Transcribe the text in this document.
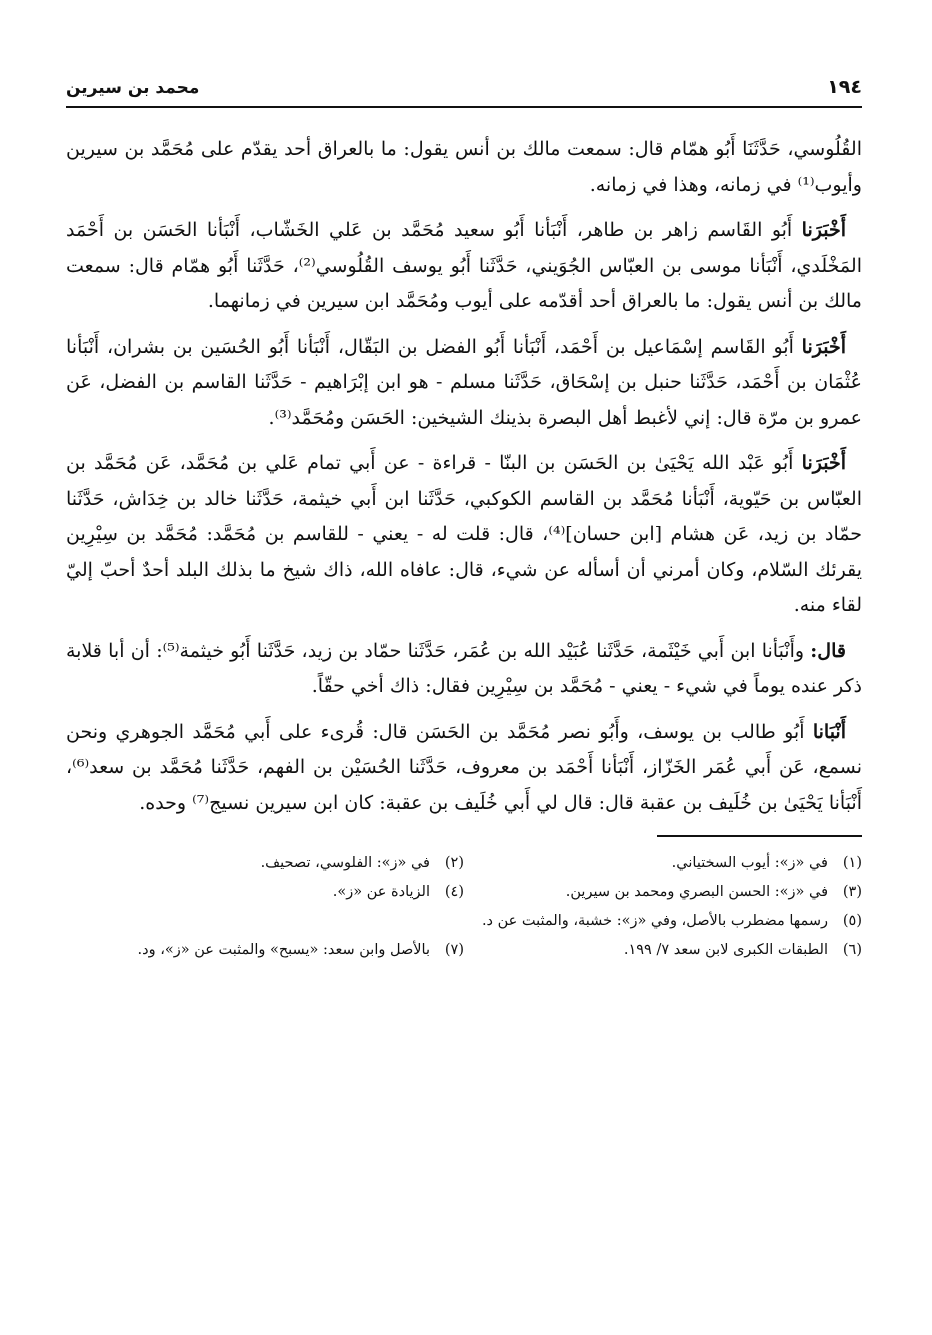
١٩٤
محمد بن سيرين

القُلُوسي، حَدَّثَنَا أَبُو همّام قال: سمعت مالك بن أنس يقول: ما بالعراق أحد يقدّم على مُحَمَّد بن سيرين وأيوب⁽¹⁾ في زمانه، وهذا في زمانه.

أَخْبَرَنا أَبُو القَاسم زاهر بن طاهر، أَنْبَأنا أَبُو سعيد مُحَمَّد بن عَلي الخَشّاب، أَنْبَأنا الحَسَن بن أَحْمَد المَخْلَدي، أَنْبَأنا موسى بن العبّاس الجُوَيني، حَدَّثَنا أَبُو يوسف القُلُوسي⁽²⁾، حَدَّثَنا أَبُو همّام قال: سمعت مالك بن أنس يقول: ما بالعراق أحد أقدّمه على أيوب ومُحَمَّد ابن سيرين في زمانهما.

أَخْبَرَنا أَبُو القَاسم إسْمَاعيل بن أَحْمَد، أَنْبَأنا أَبُو الفضل بن البَقّال، أَنْبَأنا أَبُو الحُسَين بن بشران، أَنْبَأنا عُثْمَان بن أَحْمَد، حَدَّثَنا حنبل بن إسْحَاق، حَدَّثَنا مسلم - هو ابن إبْرَاهيم - حَدَّثَنا القاسم بن الفضل، عَن عمرو بن مرّة قال: إني لأغبط أهل البصرة بذينك الشيخين: الحَسَن ومُحَمَّد⁽³⁾.

أَخْبَرَنا أَبُو عَبْد الله يَحْيَىٰ بن الحَسَن بن البنّا - قراءة - عن أَبي تمام عَلي بن مُحَمَّد، عَن مُحَمَّد بن العبّاس بن حَيّوية، أَنْبَأنا مُحَمَّد بن القاسم الكوكبي، حَدَّثَنا ابن أَبي خيثمة، حَدَّثَنا خالد بن خِدَاش، حَدَّثَنا حمّاد بن زيد، عَن هشام [ابن حسان]⁽⁴⁾، قال: قلت له - يعني - للقاسم بن مُحَمَّد: مُحَمَّد بن سِيْرِين يقرئك السّلام، وكان أمرني أن أسأله عن شيء، قال: عافاه الله، ذاك شيخ ما بذلك البلد أحدٌ أحبّ إليّ لقاء منه.

قال: وأَنْبَأنا ابن أَبي خَيْثَمة، حَدَّثَنا عُبَيْد الله بن عُمَر، حَدَّثَنا حمّاد بن زيد، حَدَّثَنا أَبُو خيثمة⁽⁵⁾: أن أبا قلابة ذكر عنده يوماً في شيء - يعني - مُحَمَّد بن سِيْرِين فقال: ذاك أخي حقّاً.

أَنْبَانا أَبُو طالب بن يوسف، وأَبُو نصر مُحَمَّد بن الحَسَن قال: قُرىء على أَبي مُحَمَّد الجوهري ونحن نسمع، عَن أَبي عُمَر الخَزّاز، أَنْبَأنا أَحْمَد بن معروف، حَدَّثَنا الحُسَيْن بن الفهم، حَدَّثَنا مُحَمَّد بن سعد⁽⁶⁾، أَنْبَأنا يَحْيَىٰ بن خُلَيف بن عقبة قال: قال لي أَبي خُلَيف بن عقبة: كان ابن سيرين نسيج⁽⁷⁾ وحده.

(١)في «ز»: أيوب السختياني.
(٢)في «ز»: الفلوسي، تصحيف.
(٣)في «ز»: الحسن البصري ومحمد بن سيرين.
(٤)الزيادة عن «ز».
(٥)رسمها مضطرب بالأصل، وفي «ز»: خشبة، والمثبت عن د.
(٦)الطبقات الكبرى لابن سعد ٧/ ١٩٩.
(٧)بالأصل وابن سعد: «يسبح» والمثبت عن «ز»، ود.
